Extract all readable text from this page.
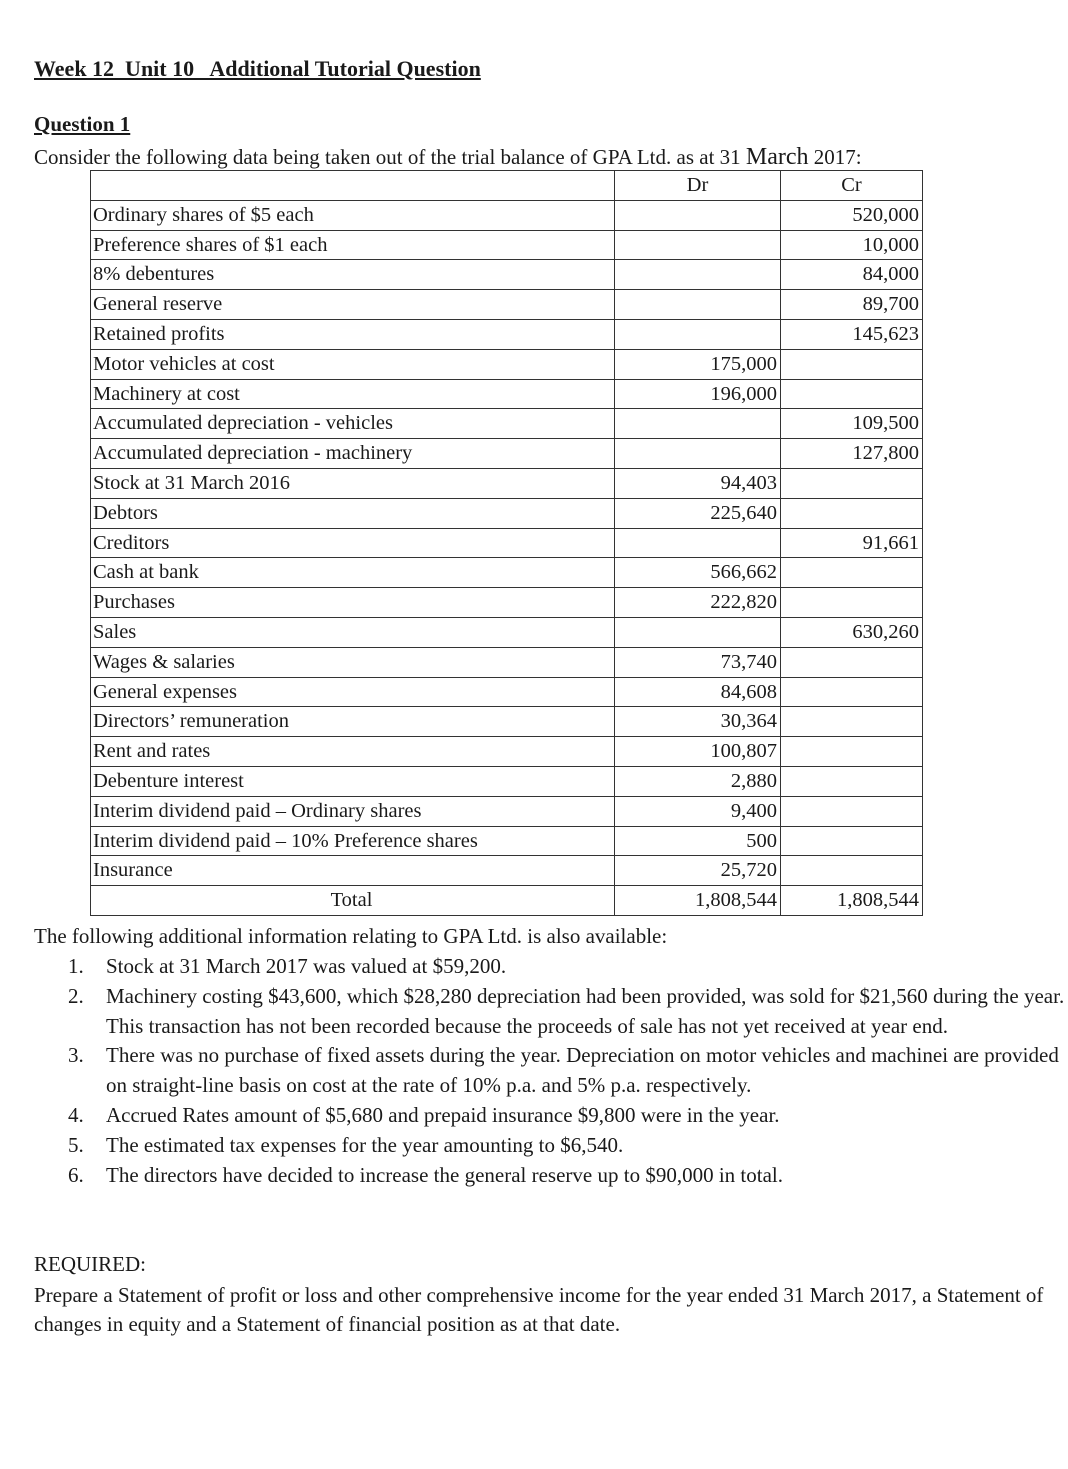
Week 12  Unit 10   Additional Tutorial Question

Question 1

Consider the following data being taken out of the trial balance of GPA Ltd. as at 31 March 2017:

	Dr	Cr
Ordinary shares of $5 each		520,000
Preference shares of $1 each		10,000
8% debentures		84,000
General reserve		89,700
Retained profits		145,623
Motor vehicles at cost	175,000	
Machinery at cost	196,000	
Accumulated depreciation - vehicles		109,500
Accumulated depreciation - machinery		127,800
Stock at 31 March 2016	94,403	
Debtors	225,640	
Creditors		91,661
Cash at bank	566,662	
Purchases	222,820	
Sales		630,260
Wages & salaries	73,740	
General expenses	84,608	
Directors’ remuneration	30,364	
Rent and rates	100,807	
Debenture interest	2,880	
Interim dividend paid – Ordinary shares	9,400	
Interim dividend paid – 10% Preference shares	500	
Insurance	25,720	
Total	1,808,544	1,808,544

The following additional information relating to GPA Ltd. is also available:

1. Stock at 31 March 2017 was valued at $59,200.
2. Machinery costing $43,600, which $28,280 depreciation had been provided, was sold for $21,560 during the year. This transaction has not been recorded because the proceeds of sale has not yet received at year end.
3. There was no purchase of fixed assets during the year. Depreciation on motor vehicles and machinei are provided on straight-line basis on cost at the rate of 10% p.a. and 5% p.a. respectively.
4. Accrued Rates amount of $5,680 and prepaid insurance $9,800 were in the year.
5. The estimated tax expenses for the year amounting to $6,540.
6. The directors have decided to increase the general reserve up to $90,000 in total.

REQUIRED:

Prepare a Statement of profit or loss and other comprehensive income for the year ended 31 March 2017, a Statement of changes in equity and a Statement of financial position as at that date.
